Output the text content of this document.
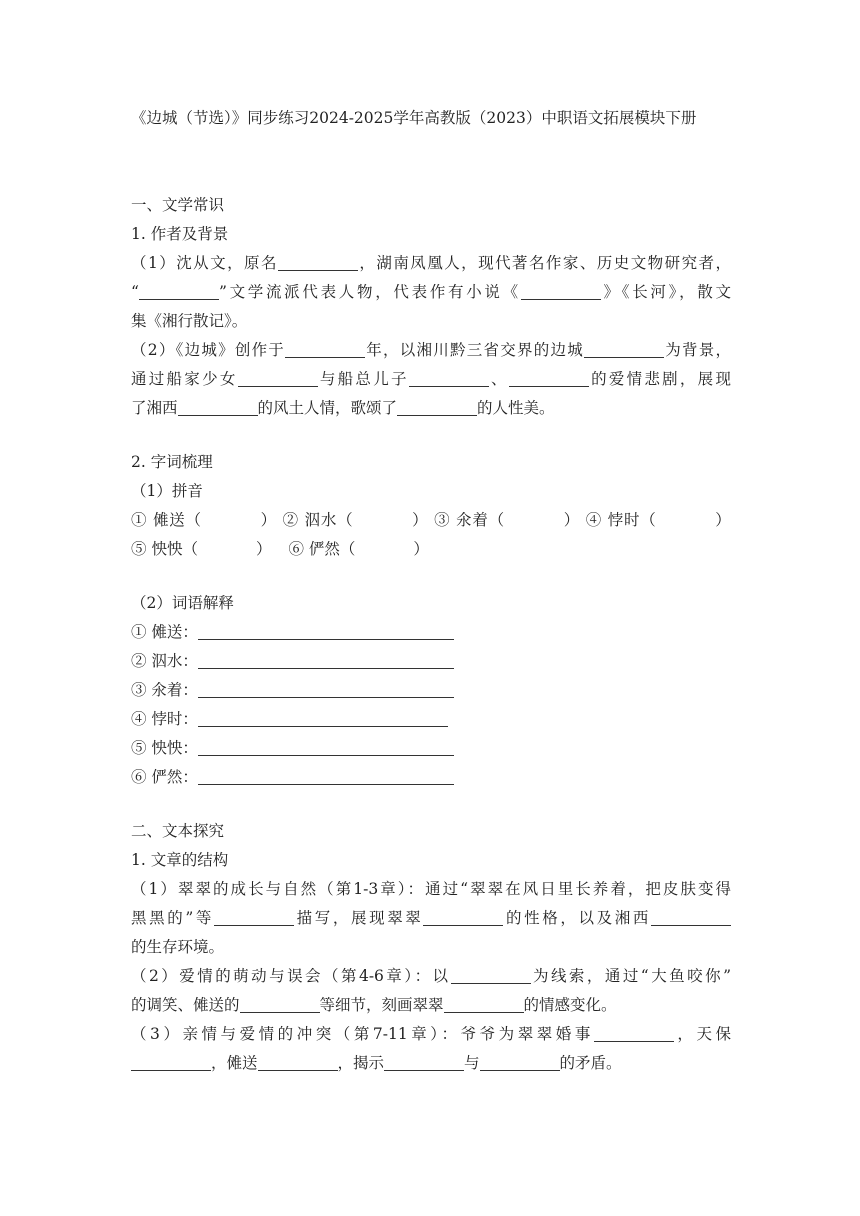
《边城（节选）》同步练习2024-2025学年高教版（2023）中职语文拓展模块下册
一、文学常识
1. 作者及背景
（1）沈从文，原名	，湖南凤凰人，现代著名作家、历史文物研究者，
“	”文学流派代表人物，代表作有小说《	》《长河》，散文
集《湘行散记》。
（2）《边城》创作于	年，以湘川黔三省交界的边城	为背景，
通过船家少女	与船总儿子	、	的爱情悲剧，展现
了湘西	的风土人情，歌颂了	的人性美。
2. 字词梳理
（1）拼音
① 傩送（	） ② 泅水（	） ③ 氽着（	） ④ 悖时（	）
⑤ 怏怏（	） ⑥ 俨然（	）
（2）词语解释
① 傩送：
② 泅水：
③ 氽着：
④ 悖时：
⑤ 怏怏：
⑥ 俨然：
二、文本探究
1. 文章的结构
（1）翠翠的成长与自然（第1-3章）：通过“翠翠在风日里长养着，把皮肤变得
黑黑的”等	描写，展现翠翠	的性格，以及湘西
的生存环境。
（2）爱情的萌动与误会（第4-6章）：以	为线索，通过“大鱼咬你”
的调笑、傩送的	等细节，刻画翠翠	的情感变化。
（3）亲情与爱情的冲突（第7-11章）：爷爷为翠翠婚事	，天保
，傩送	，揭示	与	的矛盾。
